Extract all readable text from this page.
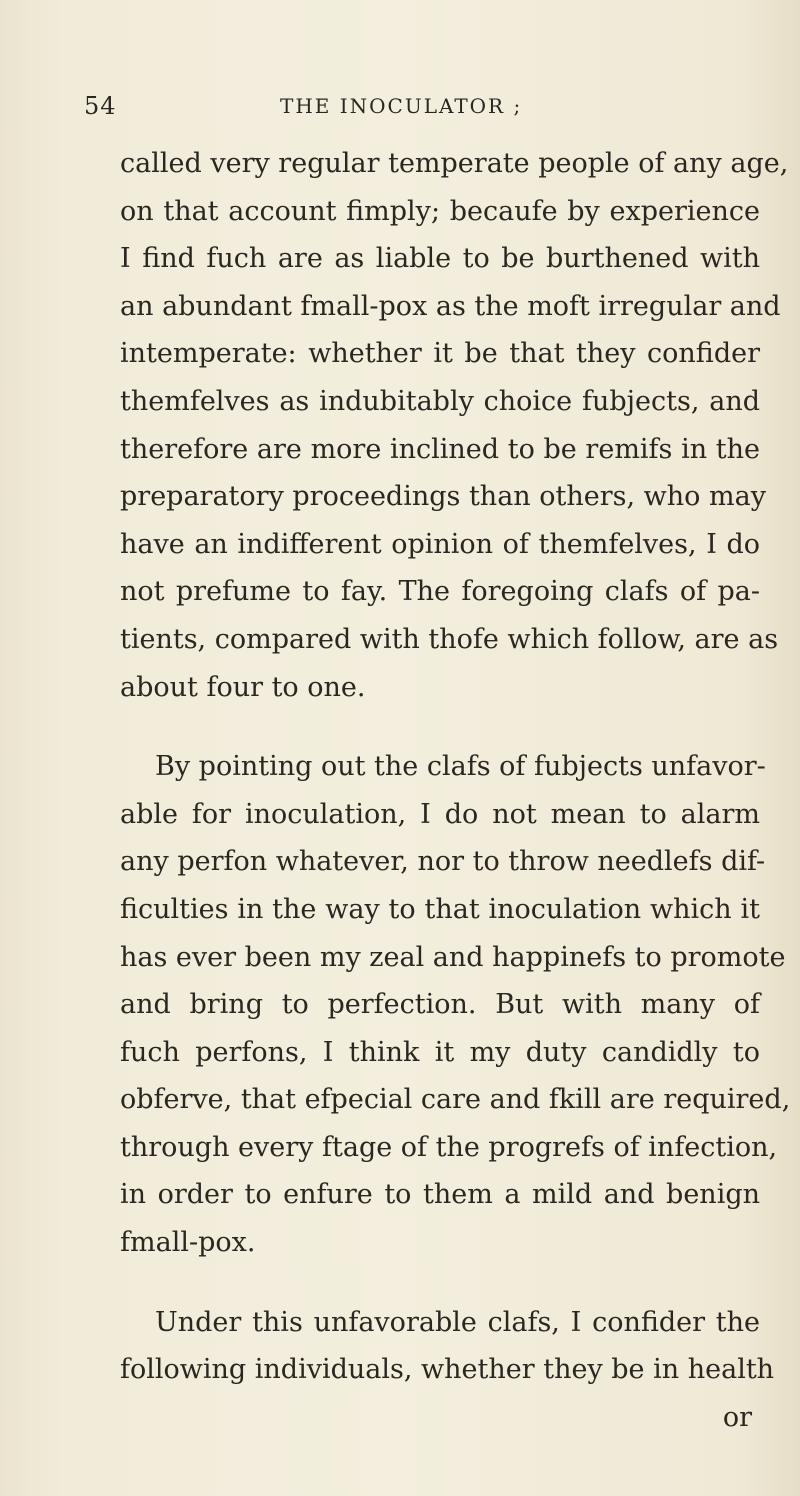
54	THE INOCULATOR ;
called very regular temperate people of any age,
on that account fimply; becaufe by experience
I find fuch are as liable to be burthened with
an abundant fmall-pox as the moft irregular and
intemperate: whether it be that they confider
themfelves as indubitably choice fubjects, and
therefore are more inclined to be remifs in the
preparatory proceedings than others, who may
have an indifferent opinion of themfelves, I do
not prefume to fay. The foregoing clafs of pa-
tients, compared with thofe which follow, are as
about four to one.
By pointing out the clafs of fubjects unfavor-
able for inoculation, I do not mean to alarm
any perfon whatever, nor to throw needlefs dif-
ficulties in the way to that inoculation which it
has ever been my zeal and happinefs to promote
and bring to perfection. But with many of
fuch perfons, I think it my duty candidly to
obferve, that efpecial care and fkill are required,
through every ftage of the progrefs of infection,
in order to enfure to them a mild and benign
fmall-pox.
Under this unfavorable clafs, I confider the
following individuals, whether they be in health
or
